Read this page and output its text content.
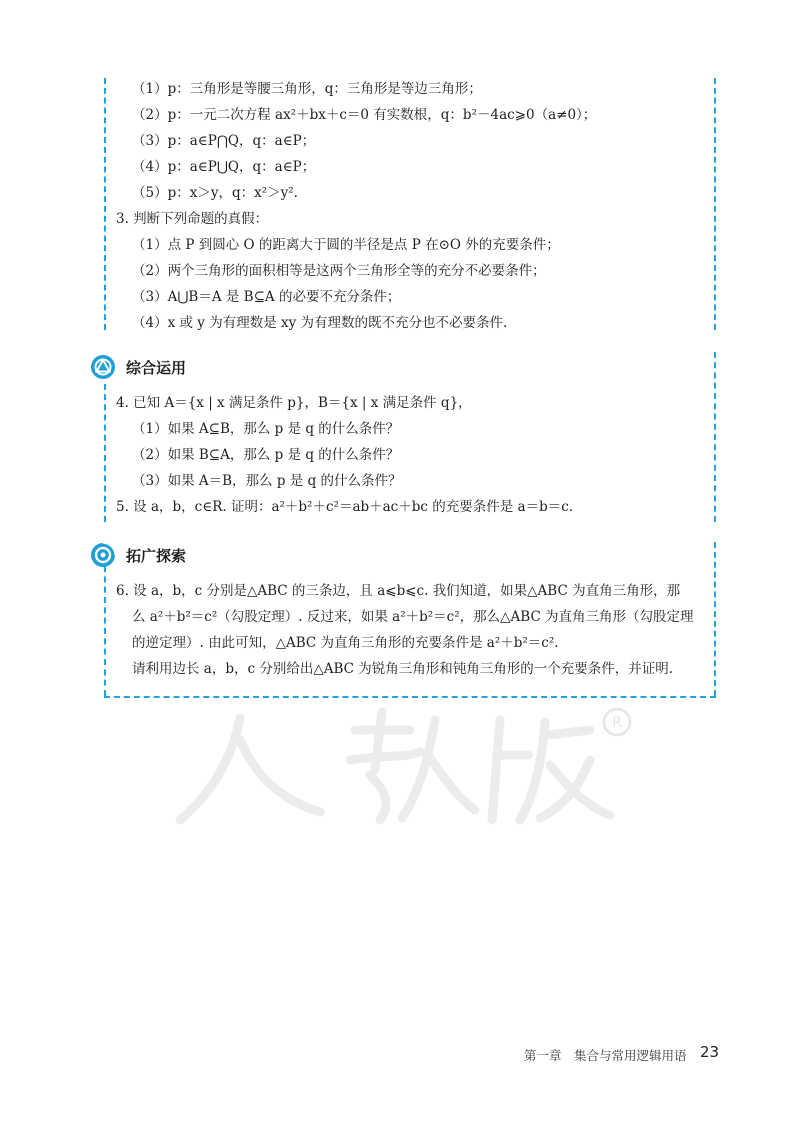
（1）p：三角形是等腰三角形，q：三角形是等边三角形；
（2）p：一元二次方程 ax²＋bx＋c＝0 有实数根，q：b²－4ac⩾0（a≠0）；
（3）p：a∈P⋂Q，q：a∈P；
（4）p：a∈P⋃Q，q：a∈P；
（5）p：x＞y，q：x²＞y².
3. 判断下列命题的真假：
（1）点 P 到圆心 O 的距离大于圆的半径是点 P 在⊙O 外的充要条件；
（2）两个三角形的面积相等是这两个三角形全等的充分不必要条件；
（3）A⋃B＝A 是 B⊆A 的必要不充分条件；
（4）x 或 y 为有理数是 xy 为有理数的既不充分也不必要条件.
综合运用
4. 已知 A＝{x | x 满足条件 p}，B＝{x | x 满足条件 q}，
（1）如果 A⊆B，那么 p 是 q 的什么条件？
（2）如果 B⊆A，那么 p 是 q 的什么条件？
（3）如果 A＝B，那么 p 是 q 的什么条件？
5. 设 a，b，c∈R. 证明：a²＋b²＋c²＝ab＋ac＋bc 的充要条件是 a＝b＝c.
拓广探索
6. 设 a，b，c 分别是△ABC 的三条边，且 a⩽b⩽c. 我们知道，如果△ABC 为直角三角形，那
么 a²＋b²＝c²（勾股定理）. 反过来，如果 a²＋b²＝c²，那么△ABC 为直角三角形（勾股定理
的逆定理）. 由此可知，△ABC 为直角三角形的充要条件是 a²＋b²＝c².
请利用边长 a，b，c 分别给出△ABC 为锐角三角形和钝角三角形的一个充要条件，并证明.
R
第一章　集合与常用逻辑用语 23
